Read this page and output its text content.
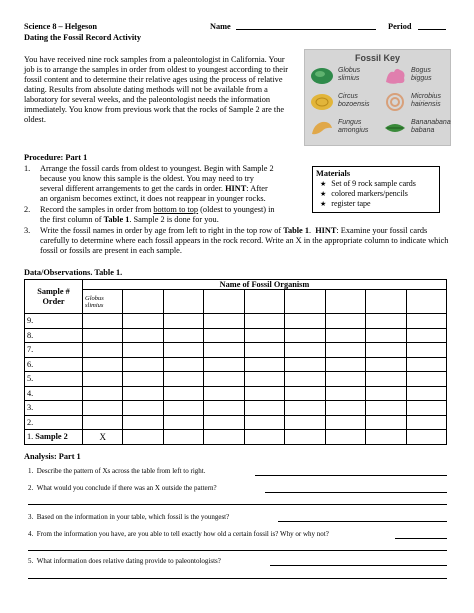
Science 8 – Helgeson
Dating the Fossil Record Activity
Name	Period

You have received nine rock samples from a paleontologist in California. Your job is to arrange the samples in order from oldest to youngest according to their fossil content and to determine their relative ages using the process of relative dating. Results from absolute dating methods will not be available from a laboratory for several weeks, and the paleontologist needs the information immediately. You know from previous work that the rocks of Sample 2 are the oldest.

Fossil Key
Globus slimius
Bogus biggus
Circus bozoensis
Microbius hairiensis
Fungus amongius
Bananabana babana
Procedure: Part 1
1. Arrange the fossil cards from oldest to youngest. Begin with Sample 2
because you know this sample is the oldest. You may need to try
several different arrangements to get the cards in order. HINT: After
an organism becomes extinct, it does not reappear in younger rocks.
2. Record the samples in order from bottom to top (oldest to youngest) in
the first column of Table 1. Sample 2 is done for you.
3. Write the fossil names in order by age from left to right in the top row of Table 1.  HINT: Examine your fossil cards carefully to determine where each fossil appears in the rock record. Write an X in the appropriate column to indicate which fossil or fossils are present in each sample.
Materials
★ Set of 9 rock sample cards
★ colored markers/pencils
★ register tape
Data/Observations. Table 1.
Sample #
Order	Name of Fossil Organism								
	Globus slimius								
9.									
8.									
7.									
6.									
5.									
4.									
3.									
2.									
1. Sample 2	X								
Analysis: Part 1
1. Describe the pattern of Xs across the table from left to right.
2. What would you conclude if there was an X outside the pattern?
3. Based on the information in your table, which fossil is the youngest?
4. From the information you have, are you able to tell exactly how old a certain fossil is? Why or why not?
5. What information does relative dating provide to paleontologists?
